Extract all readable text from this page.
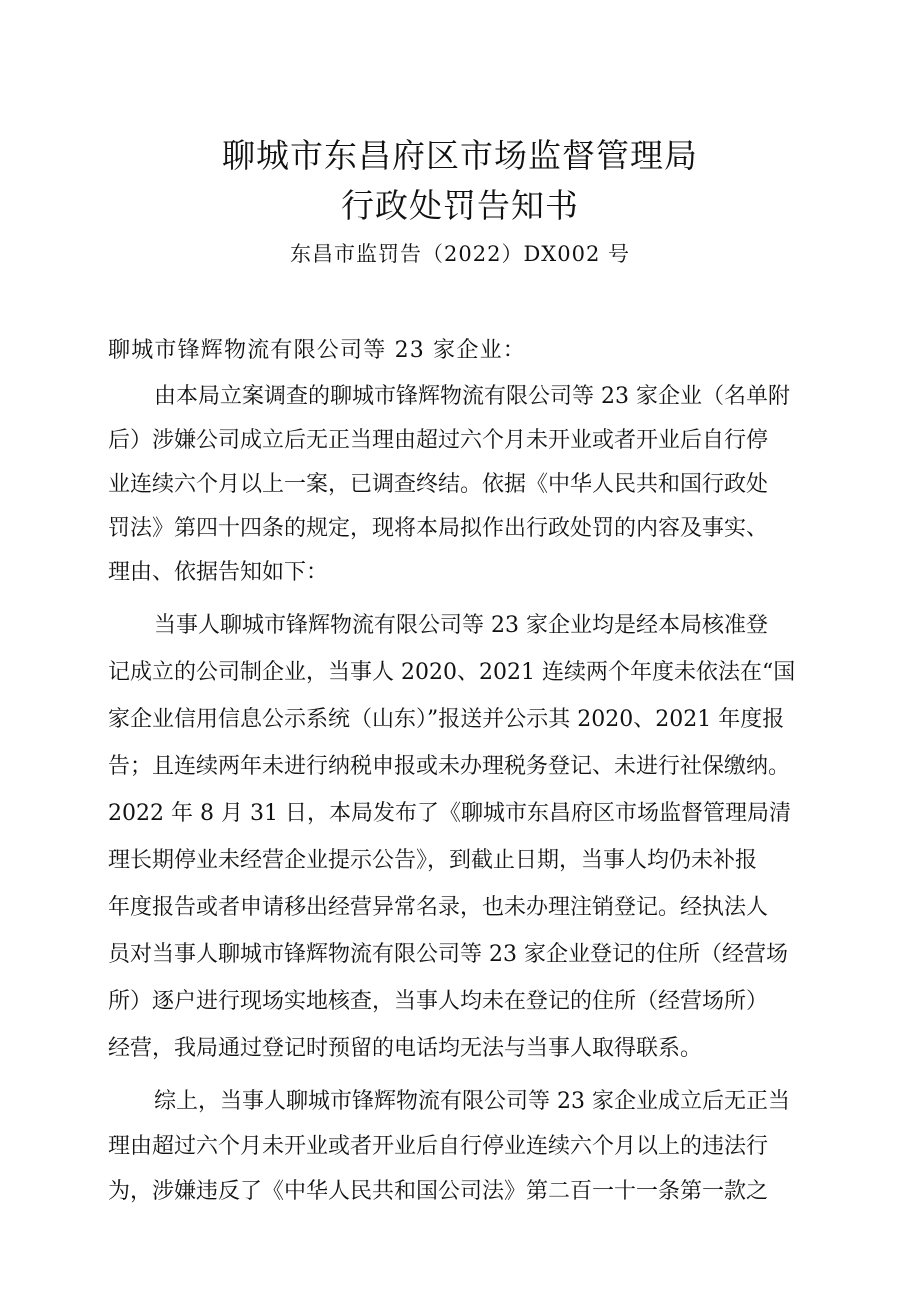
聊城市东昌府区市场监督管理局
行政处罚告知书
东昌市监罚告（2022）DX002 号
聊城市锋辉物流有限公司等 23 家企业：
由本局立案调查的聊城市锋辉物流有限公司等 23 家企业（名单附
后）涉嫌公司成立后无正当理由超过六个月未开业或者开业后自行停
业连续六个月以上一案，已调查终结。依据《中华人民共和国行政处
罚法》第四十四条的规定，现将本局拟作出行政处罚的内容及事实、
理由、依据告知如下：
当事人聊城市锋辉物流有限公司等 23 家企业均是经本局核准登
记成立的公司制企业，当事人 2020、2021 连续两个年度未依法在“国
家企业信用信息公示系统（山东）”报送并公示其 2020、2021 年度报
告；且连续两年未进行纳税申报或未办理税务登记、未进行社保缴纳。
2022 年 8 月 31 日，本局发布了《聊城市东昌府区市场监督管理局清
理长期停业未经营企业提示公告》，到截止日期，当事人均仍未补报
年度报告或者申请移出经营异常名录，也未办理注销登记。经执法人
员对当事人聊城市锋辉物流有限公司等 23 家企业登记的住所（经营场
所）逐户进行现场实地核查，当事人均未在登记的住所（经营场所）
经营，我局通过登记时预留的电话均无法与当事人取得联系。
综上，当事人聊城市锋辉物流有限公司等 23 家企业成立后无正当
理由超过六个月未开业或者开业后自行停业连续六个月以上的违法行
为，涉嫌违反了《中华人民共和国公司法》第二百一十一条第一款之
